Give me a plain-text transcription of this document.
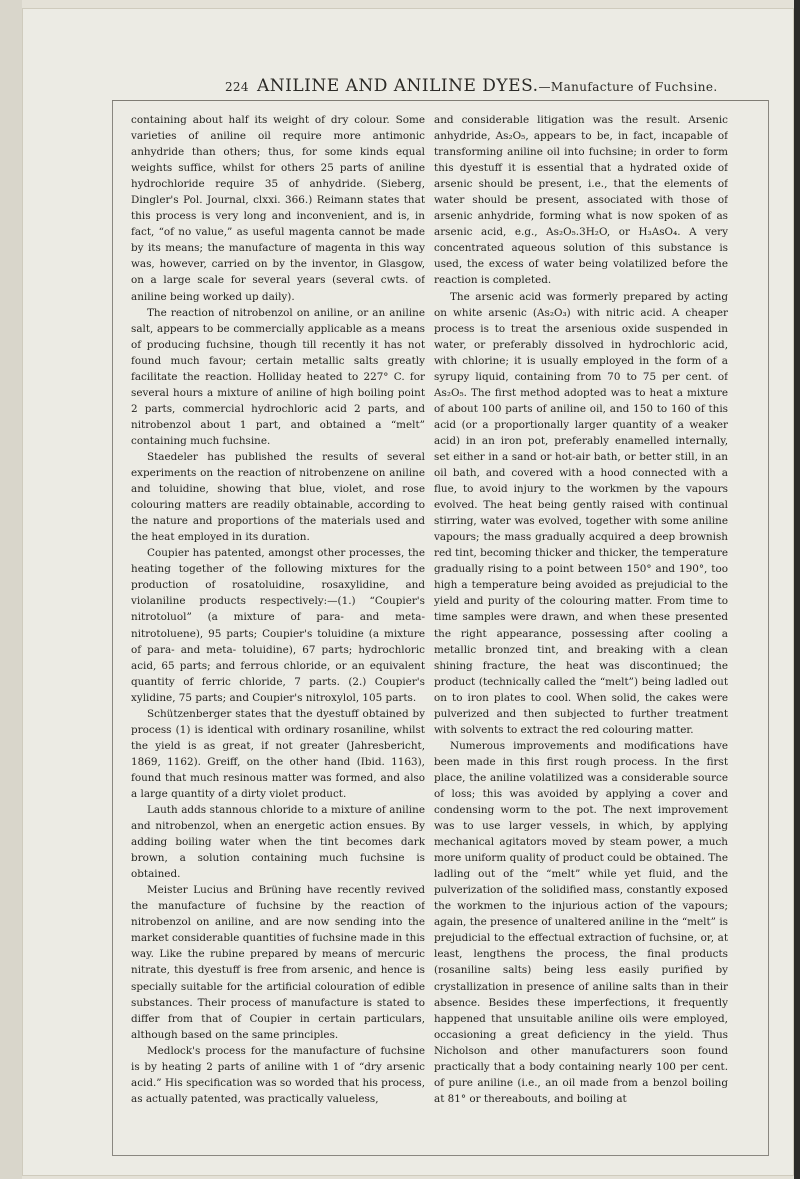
224 ANILINE AND ANILINE DYES.—Manufacture of Fuchsine.

containing about half its weight of dry colour. Some varieties of aniline oil require more antimonic anhydride than others; thus, for some kinds equal weights suffice, whilst for others 25 parts of aniline hydrochloride require 35 of anhydride. (Sieberg, Dingler's Pol. Journal, clxxi. 366.) Reimann states that this process is very long and inconvenient, and is, in fact, “of no value,” as useful magenta cannot be made by its means; the manufacture of magenta in this way was, however, carried on by the inventor, in Glasgow, on a large scale for several years (several cwts. of aniline being worked up daily).

The reaction of nitrobenzol on aniline, or an aniline salt, appears to be commercially applicable as a means of producing fuchsine, though till recently it has not found much favour; certain metallic salts greatly facilitate the reaction. Holliday heated to 227° C. for several hours a mixture of aniline of high boiling point 2 parts, commercial hydrochloric acid 2 parts, and nitrobenzol about 1 part, and obtained a “melt” containing much fuchsine.

Staedeler has published the results of several experiments on the reaction of nitrobenzene on aniline and toluidine, showing that blue, violet, and rose colouring matters are readily obtainable, according to the nature and proportions of the materials used and the heat employed in its duration.

Coupier has patented, amongst other processes, the heating together of the following mixtures for the production of rosatoluidine, rosaxylidine, and violaniline products respectively:—(1.) “Coupier's nitrotoluol” (a mixture of para- and meta- nitrotoluene), 95 parts; Coupier's toluidine (a mixture of para- and meta- toluidine), 67 parts; hydrochloric acid, 65 parts; and ferrous chloride, or an equivalent quantity of ferric chloride, 7 parts. (2.) Coupier's xylidine, 75 parts; and Coupier's nitroxylol, 105 parts.

Schützenberger states that the dyestuff obtained by process (1) is identical with ordinary rosaniline, whilst the yield is as great, if not greater (Jahresbericht, 1869, 1162). Greiff, on the other hand (Ibid. 1163), found that much resinous matter was formed, and also a large quantity of a dirty violet product.

Lauth adds stannous chloride to a mixture of aniline and nitrobenzol, when an energetic action ensues. By adding boiling water when the tint becomes dark brown, a solution containing much fuchsine is obtained.

Meister Lucius and Brüning have recently revived the manufacture of fuchsine by the reaction of nitrobenzol on aniline, and are now sending into the market considerable quantities of fuchsine made in this way. Like the rubine prepared by means of mercuric nitrate, this dyestuff is free from arsenic, and hence is specially suitable for the artificial colouration of edible substances. Their process of manufacture is stated to differ from that of Coupier in certain particulars, although based on the same principles.

Medlock's process for the manufacture of fuchsine is by heating 2 parts of aniline with 1 of “dry arsenic acid.” His specification was so worded that his process, as actually patented, was practically valueless,

and considerable litigation was the result. Arsenic anhydride, As₂O₅, appears to be, in fact, incapable of transforming aniline oil into fuchsine; in order to form this dyestuff it is essential that a hydrated oxide of arsenic should be present, i.e., that the elements of water should be present, associated with those of arsenic anhydride, forming what is now spoken of as arsenic acid, e.g., As₂O₅.3H₂O, or H₃AsO₄. A very concentrated aqueous solution of this substance is used, the excess of water being volatilized before the reaction is completed.

The arsenic acid was formerly prepared by acting on white arsenic (As₂O₃) with nitric acid. A cheaper process is to treat the arsenious oxide suspended in water, or preferably dissolved in hydrochloric acid, with chlorine; it is usually employed in the form of a syrupy liquid, containing from 70 to 75 per cent. of As₂O₅. The first method adopted was to heat a mixture of about 100 parts of aniline oil, and 150 to 160 of this acid (or a proportionally larger quantity of a weaker acid) in an iron pot, preferably enamelled internally, set either in a sand or hot-air bath, or better still, in an oil bath, and covered with a hood connected with a flue, to avoid injury to the workmen by the vapours evolved. The heat being gently raised with continual stirring, water was evolved, together with some aniline vapours; the mass gradually acquired a deep brownish red tint, becoming thicker and thicker, the temperature gradually rising to a point between 150° and 190°, too high a temperature being avoided as prejudicial to the yield and purity of the colouring matter. From time to time samples were drawn, and when these presented the right appearance, possessing after cooling a metallic bronzed tint, and breaking with a clean shining fracture, the heat was discontinued; the product (technically called the “melt”) being ladled out on to iron plates to cool. When solid, the cakes were pulverized and then subjected to further treatment with solvents to extract the red colouring matter.

Numerous improvements and modifications have been made in this first rough process. In the first place, the aniline volatilized was a considerable source of loss; this was avoided by applying a cover and condensing worm to the pot. The next improvement was to use larger vessels, in which, by applying mechanical agitators moved by steam power, a much more uniform quality of product could be obtained. The ladling out of the “melt” while yet fluid, and the pulverization of the solidified mass, constantly exposed the workmen to the injurious action of the vapours; again, the presence of unaltered aniline in the “melt” is prejudicial to the effectual extraction of fuchsine, or, at least, lengthens the process, the final products (rosaniline salts) being less easily purified by crystallization in presence of aniline salts than in their absence. Besides these imperfections, it frequently happened that unsuitable aniline oils were employed, occasioning a great deficiency in the yield. Thus Nicholson and other manufacturers soon found practically that a body containing nearly 100 per cent. of pure aniline (i.e., an oil made from a benzol boiling at 81° or thereabouts, and boiling at
